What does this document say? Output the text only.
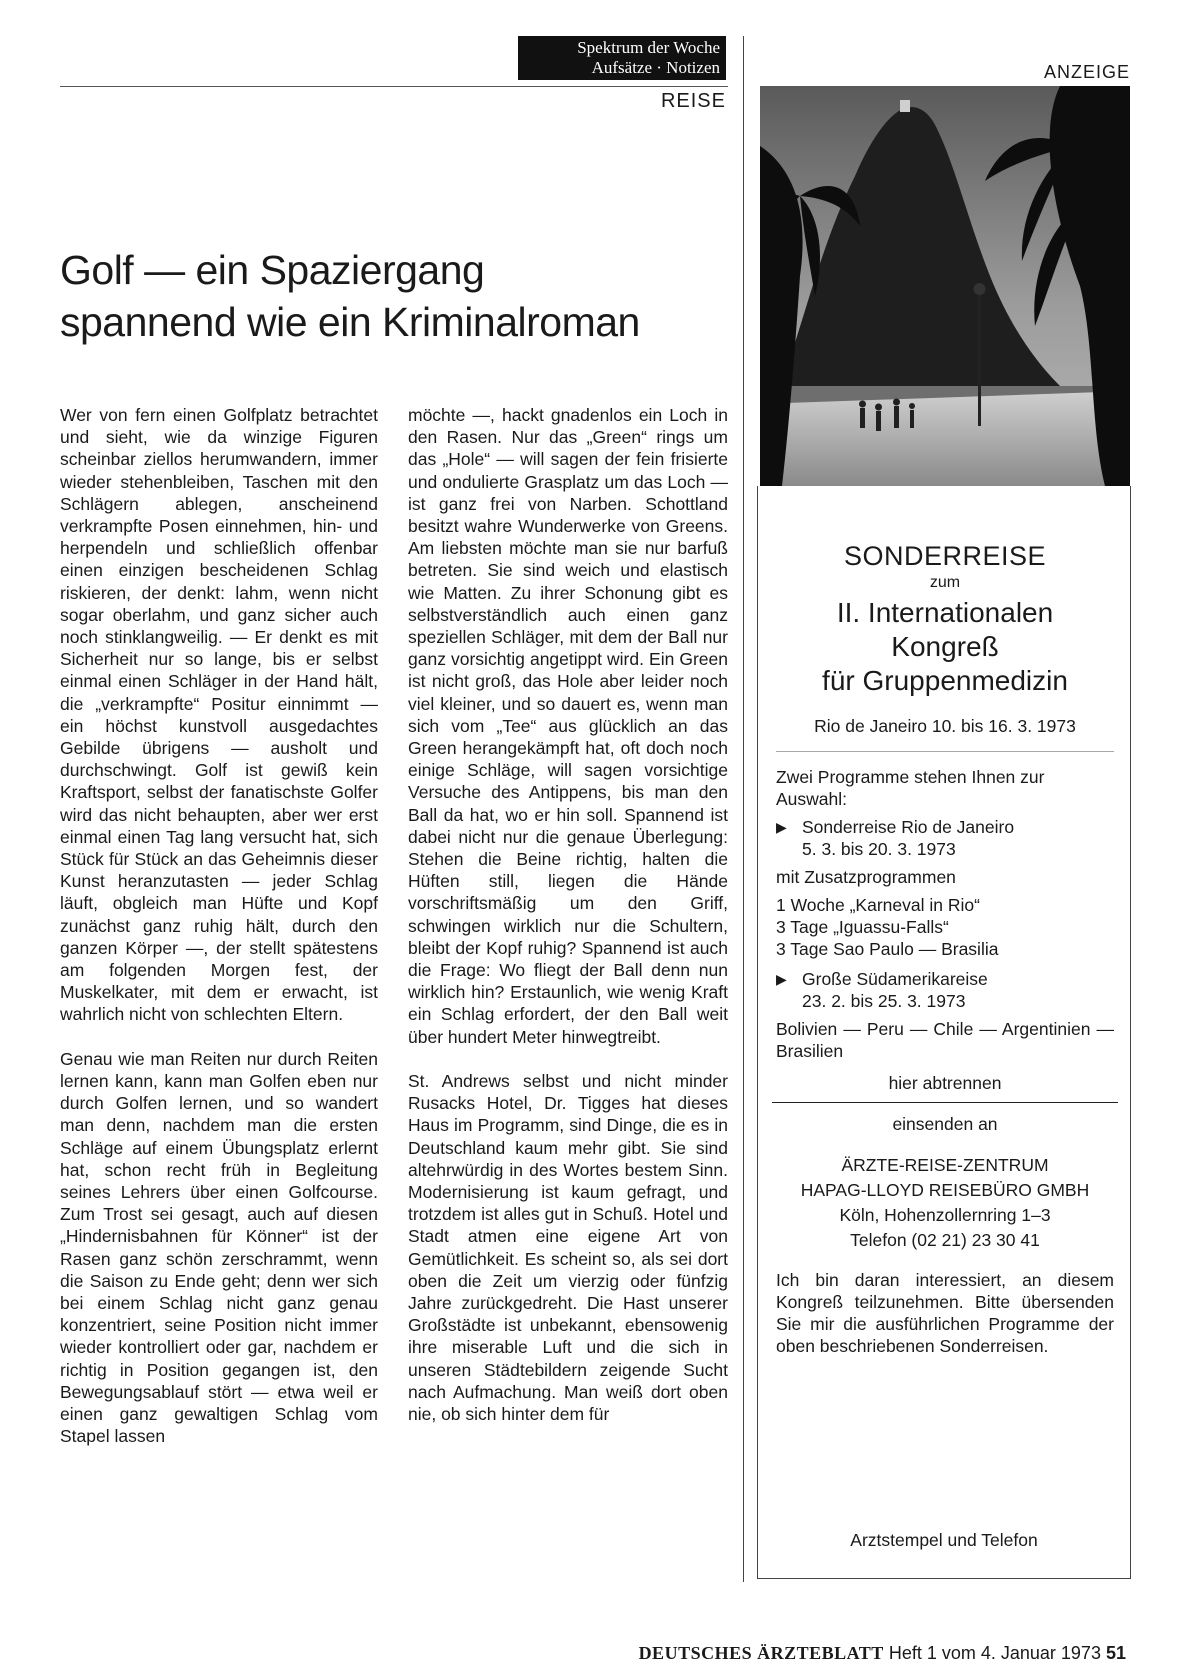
Spektrum der Woche
Aufsätze · Notizen
REISE
Golf — ein Spaziergang
spannend wie ein Kriminalroman

Wer von fern einen Golfplatz betrachtet und sieht, wie da winzige Figuren scheinbar ziellos herumwandern, immer wieder stehenbleiben, Taschen mit den Schlägern ablegen, anscheinend verkrampfte Posen einnehmen, hin- und herpendeln und schließlich offenbar einen einzigen bescheidenen Schlag riskieren, der denkt: lahm, wenn nicht sogar oberlahm, und ganz sicher auch noch stinklangweilig. — Er denkt es mit Sicherheit nur so lange, bis er selbst einmal einen Schläger in der Hand hält, die „verkrampfte“ Positur einnimmt — ein höchst kunstvoll ausgedachtes Gebilde übrigens — ausholt und durchschwingt. Golf ist gewiß kein Kraftsport, selbst der fanatischste Golfer wird das nicht behaupten, aber wer erst einmal einen Tag lang versucht hat, sich Stück für Stück an das Geheimnis dieser Kunst heranzutasten — jeder Schlag läuft, obgleich man Hüfte und Kopf zunächst ganz ruhig hält, durch den ganzen Körper —, der stellt spätestens am folgenden Morgen fest, der Muskelkater, mit dem er erwacht, ist wahrlich nicht von schlechten Eltern.

Genau wie man Reiten nur durch Reiten lernen kann, kann man Golfen eben nur durch Golfen lernen, und so wandert man denn, nachdem man die ersten Schläge auf einem Übungsplatz erlernt hat, schon recht früh in Begleitung seines Lehrers über einen Golfcourse. Zum Trost sei gesagt, auch auf diesen „Hindernisbahnen für Könner“ ist der Rasen ganz schön zerschrammt, wenn die Saison zu Ende geht; denn wer sich bei einem Schlag nicht ganz genau konzentriert, seine Position nicht immer wieder kontrolliert oder gar, nachdem er richtig in Position gegangen ist, den Bewegungsablauf stört — etwa weil er einen ganz gewaltigen Schlag vom Stapel lassen

möchte —, hackt gnadenlos ein Loch in den Rasen. Nur das „Green“ rings um das „Hole“ — will sagen der fein frisierte und ondulierte Grasplatz um das Loch — ist ganz frei von Narben. Schottland besitzt wahre Wunderwerke von Greens. Am liebsten möchte man sie nur barfuß betreten. Sie sind weich und elastisch wie Matten. Zu ihrer Schonung gibt es selbstverständlich auch einen ganz speziellen Schläger, mit dem der Ball nur ganz vorsichtig angetippt wird. Ein Green ist nicht groß, das Hole aber leider noch viel kleiner, und so dauert es, wenn man sich vom „Tee“ aus glücklich an das Green herangekämpft hat, oft doch noch einige Schläge, will sagen vorsichtige Versuche des Antippens, bis man den Ball da hat, wo er hin soll. Spannend ist dabei nicht nur die genaue Überlegung: Stehen die Beine richtig, halten die Hüften still, liegen die Hände vorschriftsmäßig um den Griff, schwingen wirklich nur die Schultern, bleibt der Kopf ruhig? Spannend ist auch die Frage: Wo fliegt der Ball denn nun wirklich hin? Erstaunlich, wie wenig Kraft ein Schlag erfordert, der den Ball weit über hundert Meter hinwegtreibt.

St. Andrews selbst und nicht minder Rusacks Hotel, Dr. Tigges hat dieses Haus im Programm, sind Dinge, die es in Deutschland kaum mehr gibt. Sie sind altehrwürdig in des Wortes bestem Sinn. Modernisierung ist kaum gefragt, und trotzdem ist alles gut in Schuß. Hotel und Stadt atmen eine eigene Art von Gemütlichkeit. Es scheint so, als sei dort oben die Zeit um vierzig oder fünfzig Jahre zurückgedreht. Die Hast unserer Großstädte ist unbekannt, ebensowenig ihre miserable Luft und die sich in unseren Städtebildern zeigende Sucht nach Aufmachung. Man weiß dort oben nie, ob sich hinter dem für

ANZEIGE
SONDERREISE
zum
II. Internationalen
Kongreß
für Gruppenmedizin
Rio de Janeiro 10. bis 16. 3. 1973
Zwei Programme stehen Ihnen zur Auswahl:
▶ Sonderreise Rio de Janeiro
5. 3. bis 20. 3. 1973
mit Zusatzprogrammen
1 Woche „Karneval in Rio“
3 Tage „Iguassu-Falls“
3 Tage Sao Paulo — Brasilia
▶ Große Südamerikareise
23. 2. bis 25. 3. 1973
Bolivien — Peru — Chile — Argentinien — Brasilien
hier abtrennen
einsenden an
ÄRZTE-REISE-ZENTRUM
HAPAG-LLOYD REISEBÜRO GMBH
Köln, Hohenzollernring 1–3
Telefon (02 21) 23 30 41
Ich bin daran interessiert, an diesem Kongreß teilzunehmen. Bitte übersenden Sie mir die ausführlichen Programme der oben beschriebenen Sonderreisen.
Arztstempel und Telefon
DEUTSCHES ÄRZTEBLATT Heft 1 vom 4. Januar 1973 51
